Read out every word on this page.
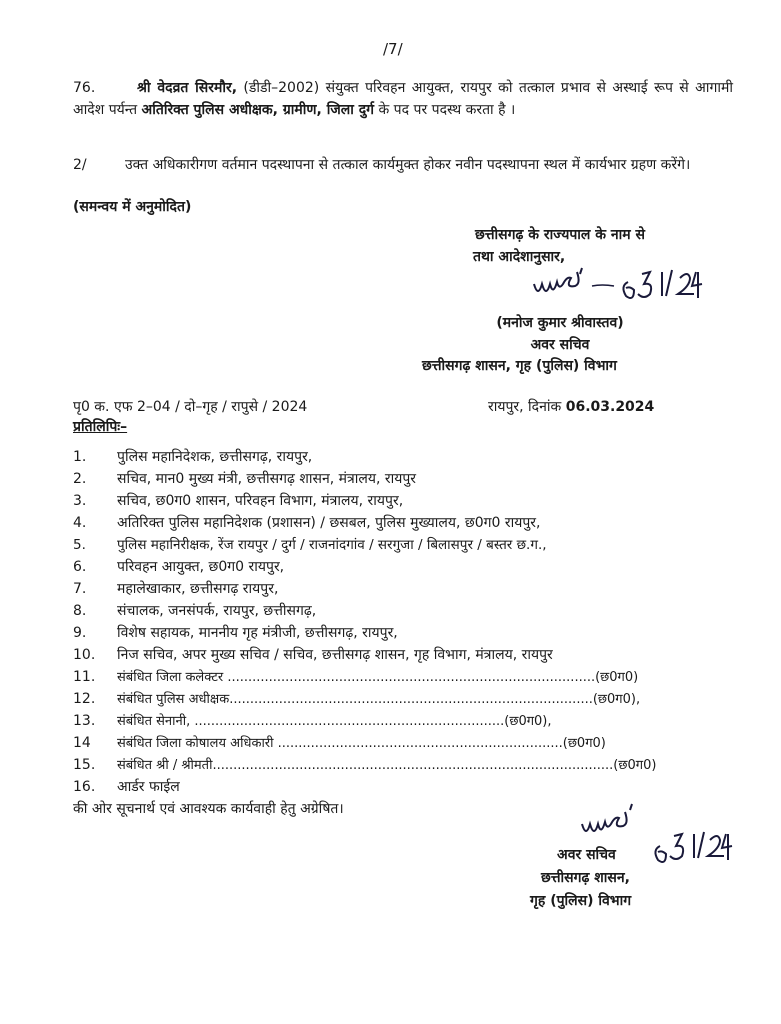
/7/
76.	श्री वेदव्रत सिरमौर, (डीडी–2002) संयुक्त परिवहन आयुक्त, रायपुर को तत्काल प्रभाव से अस्थाई रूप से आगामी आदेश पर्यन्त अतिरिक्त पुलिस अधीक्षक, ग्रामीण, जिला दुर्ग के पद पर पदस्थ करता है ।
2/	उक्त अधिकारीगण वर्तमान पदस्थापना से तत्काल कार्यमुक्त होकर नवीन पदस्थापना स्थल में कार्यभार ग्रहण करेंगे।
(समन्वय में अनुमोदित)
छत्तीसगढ़ के राज्यपाल के नाम से
तथा आदेशानुसार,
(मनोज कुमार श्रीवास्तव)
अवर सचिव
छत्तीसगढ़ शासन, गृह (पुलिस) विभाग
पृ0 क. एफ 2–04 / दो–गृह / रापुसे / 2024	रायपुर, दिनांक 06.03.2024
प्रतिलिपिः–
1. पुलिस महानिदेशक, छत्तीसगढ़, रायपुर,
2. सचिव, मान0 मुख्य मंत्री, छत्तीसगढ़ शासन, मंत्रालय, रायपुर
3. सचिव, छ0ग0 शासन, परिवहन विभाग, मंत्रालय, रायपुर,
4. अतिरिक्त पुलिस महानिदेशक (प्रशासन) / छसबल, पुलिस मुख्यालय, छ0ग0 रायपुर,
5. पुलिस महानिरीक्षक, रेंज रायपुर / दुर्ग / राजनांदगांव / सरगुजा / बिलासपुर / बस्तर छ.ग.,
6. परिवहन आयुक्त, छ0ग0 रायपुर,
7. महालेखाकार, छत्तीसगढ़ रायपुर,
8. संचालक, जनसंपर्क, रायपुर, छत्तीसगढ़,
9. विशेष सहायक, माननीय गृह मंत्रीजी, छत्तीसगढ़, रायपुर,
10. निज सचिव, अपर मुख्य सचिव / सचिव, छत्तीसगढ़ शासन, गृह विभाग, मंत्रालय, रायपुर
11. संबंधित जिला कलेक्टर .........................................................................................(छ0ग0)
12. संबंधित पुलिस अधीक्षक........................................................................................(छ0ग0),
13. संबंधित सेनानी, ...........................................................................(छ0ग0),
14 संबंधित जिला कोषालय अधिकारी .....................................................................(छ0ग0)
15. संबंधित श्री / श्रीमती.................................................................................................(छ0ग0)
16. आर्डर फाईल
की ओर सूचनार्थ एवं आवश्यक कार्यवाही हेतु अग्रेषित।
अवर सचिव
छत्तीसगढ़ शासन,
गृह (पुलिस) विभाग
